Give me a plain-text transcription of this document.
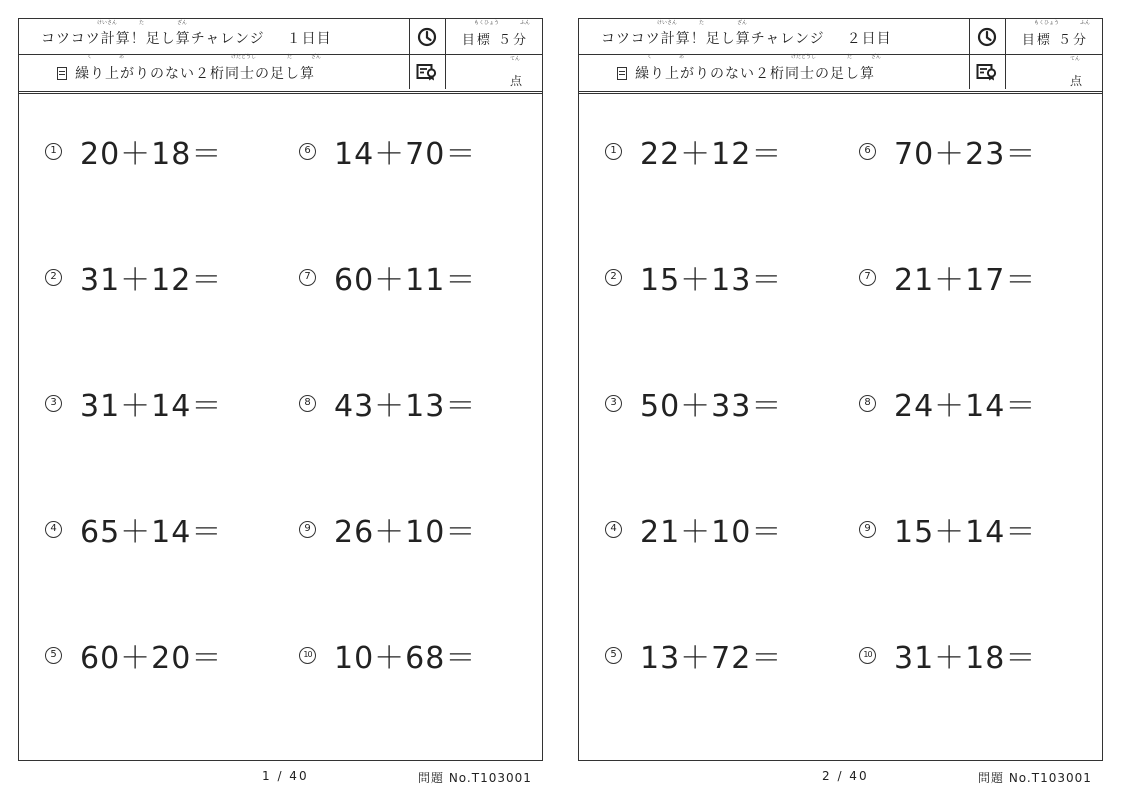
けいさん	た	ざん
コツコツ計算！足し算チャレンジ １日目
もくひょう	ふん
目標 ５分
く	あ	けたどうし	た	ざん
繰り上がりのない２桁同士の足し算
てん
点
1 20＋18＝
2 31＋12＝
3 31＋14＝
4 65＋14＝
5 60＋20＝
6 14＋70＝
7 60＋11＝
8 43＋13＝
9 26＋10＝
10 10＋68＝
1 / 40	問題 No.T103001
けいさん	た	ざん
コツコツ計算！足し算チャレンジ ２日目
もくひょう	ふん
目標 ５分
く	あ	けたどうし	た	ざん
繰り上がりのない２桁同士の足し算
てん
点
1 22＋12＝
2 15＋13＝
3 50＋33＝
4 21＋10＝
5 13＋72＝
6 70＋23＝
7 21＋17＝
8 24＋14＝
9 15＋14＝
10 31＋18＝
2 / 40	問題 No.T103001
